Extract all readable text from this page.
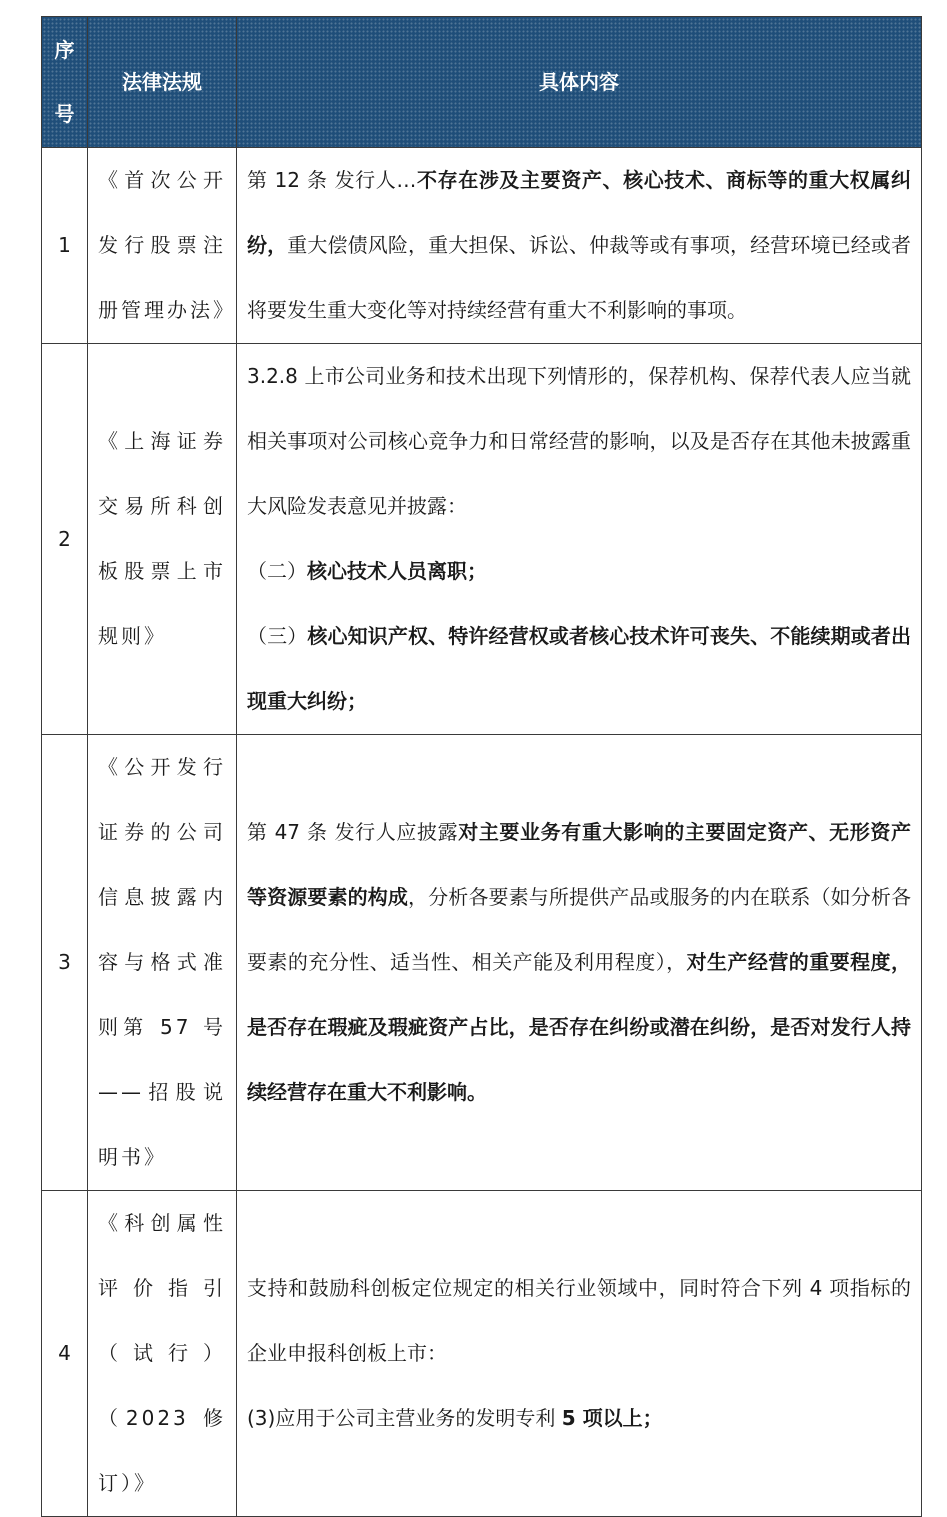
序号	法律法规	具体内容
1	《首次公开发行股票注册管理办法》	第 12 条 发行人…不存在涉及主要资产、核心技术、商标等的重大权属纠纷，重大偿债风险，重大担保、诉讼、仲裁等或有事项，经营环境已经或者将要发生重大变化等对持续经营有重大不利影响的事项。

2	《上海证券交易所科创板股票上市规则》	3.2.8 上市公司业务和技术出现下列情形的，保荐机构、保荐代表人应当就相关事项对公司核心竞争力和日常经营的影响，以及是否存在其他未披露重大风险发表意见并披露：

（二）核心技术人员离职；

（三）核心知识产权、特许经营权或者核心技术许可丧失、不能续期或者出现重大纠纷；

3	《公开发行证券的公司信息披露内容与格式准则第 57 号——招股说明书》	第 47 条 发行人应披露对主要业务有重大影响的主要固定资产、无形资产等资源要素的构成，分析各要素与所提供产品或服务的内在联系（如分析各要素的充分性、适当性、相关产能及利用程度），对生产经营的重要程度，是否存在瑕疵及瑕疵资产占比，是否存在纠纷或潜在纠纷，是否对发行人持续经营存在重大不利影响。

4	《科创属性评价指引（试行）（2023 修订）》	支持和鼓励科创板定位规定的相关行业领域中，同时符合下列 4 项指标的企业申报科创板上市：

(3)应用于公司主营业务的发明专利 5 项以上；
